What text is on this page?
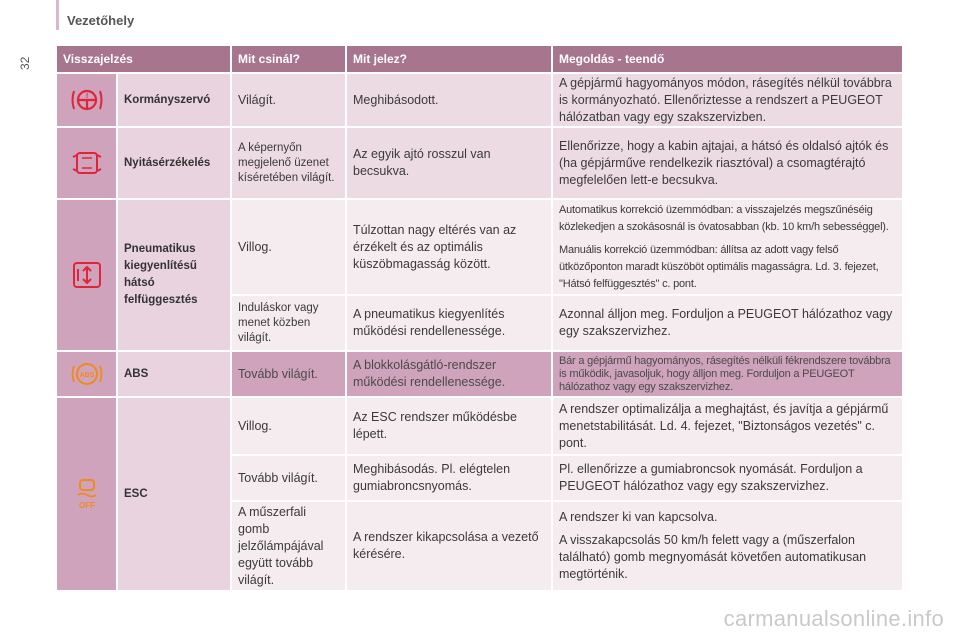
Vezetőhely
32	Visszajelzés		Mit csinál?	Mit jelez?	Megoldás - teendő

!	Kormányszervó	Világít.	Meghibásodott.	A gépjármű hagyományos módon, rásegítés nélkül továbbra is kormányozható. Ellenőriztesse a rendszert a PEUGEOT hálózatban vagy egy szakszervizben.

	Nyitásérzékelés	A képernyőn megjelenő üzenet kíséretében világít.	Az egyik ajtó rosszul van becsukva.	Ellenőrizze, hogy a kabin ajtajai, a hátsó és oldalsó ajtók és (ha gépjárműve rendelkezik riasztóval) a csomagtérajtó megfelelően lett-e becsukva.

	Pneumatikus kiegyenlítésű hátsó felfüggesztés	Villog.	Túlzottan nagy eltérés van az érzékelt és az optimális küszöbmagasság között.	Automatikus korrekció üzemmódban: a visszajelzés megszűnéséig közlekedjen a szokásosnál is óvatosabban (kb. 10 km/h sebességgel).

Manuális korrekció üzemmódban: állítsa az adott vagy felső ütközőponton maradt küszöböt optimális magasságra. Ld. 3. fejezet, "Hátsó felfüggesztés" c. pont.

		Induláskor vagy menet közben világít.	A pneumatikus kiegyenlítés működési rendellenessége.	Azonnal álljon meg. Forduljon a PEUGEOT hálózathoz vagy egy szakszervizhez.

ABS	ABS	Tovább világít.	A blokkolásgátló-rendszer működési rendellenessége.	Bár a gépjármű hagyományos, rásegítés nélküli fékrendszere továbbra is működik, javasoljuk, hogy álljon meg. Forduljon a PEUGEOT hálózathoz vagy egy szakszervizhez.

OFF	ESC	Villog.	Az ESC rendszer működésbe lépett.	A rendszer optimalizálja a meghajtást, és javítja a gépjármű menetstabilitását. Ld. 4. fejezet, "Biztonságos vezetés" c. pont.
		Tovább világít.	Meghibásodás. Pl. elégtelen gumiabroncsnyomás.	Pl. ellenőrizze a gumiabroncsok nyomását. Forduljon a PEUGEOT hálózathoz vagy egy szakszervizhez.
		A műszerfali gomb jelzőlámpájával együtt tovább világít.	A rendszer kikapcsolása a vezető kérésére.	A rendszer ki van kapcsolva.

A visszakapcsolás 50 km/h felett vagy a (műszerfalon található) gomb megnyomását követően automatikusan megtörténik.

carmanualsonline.info
